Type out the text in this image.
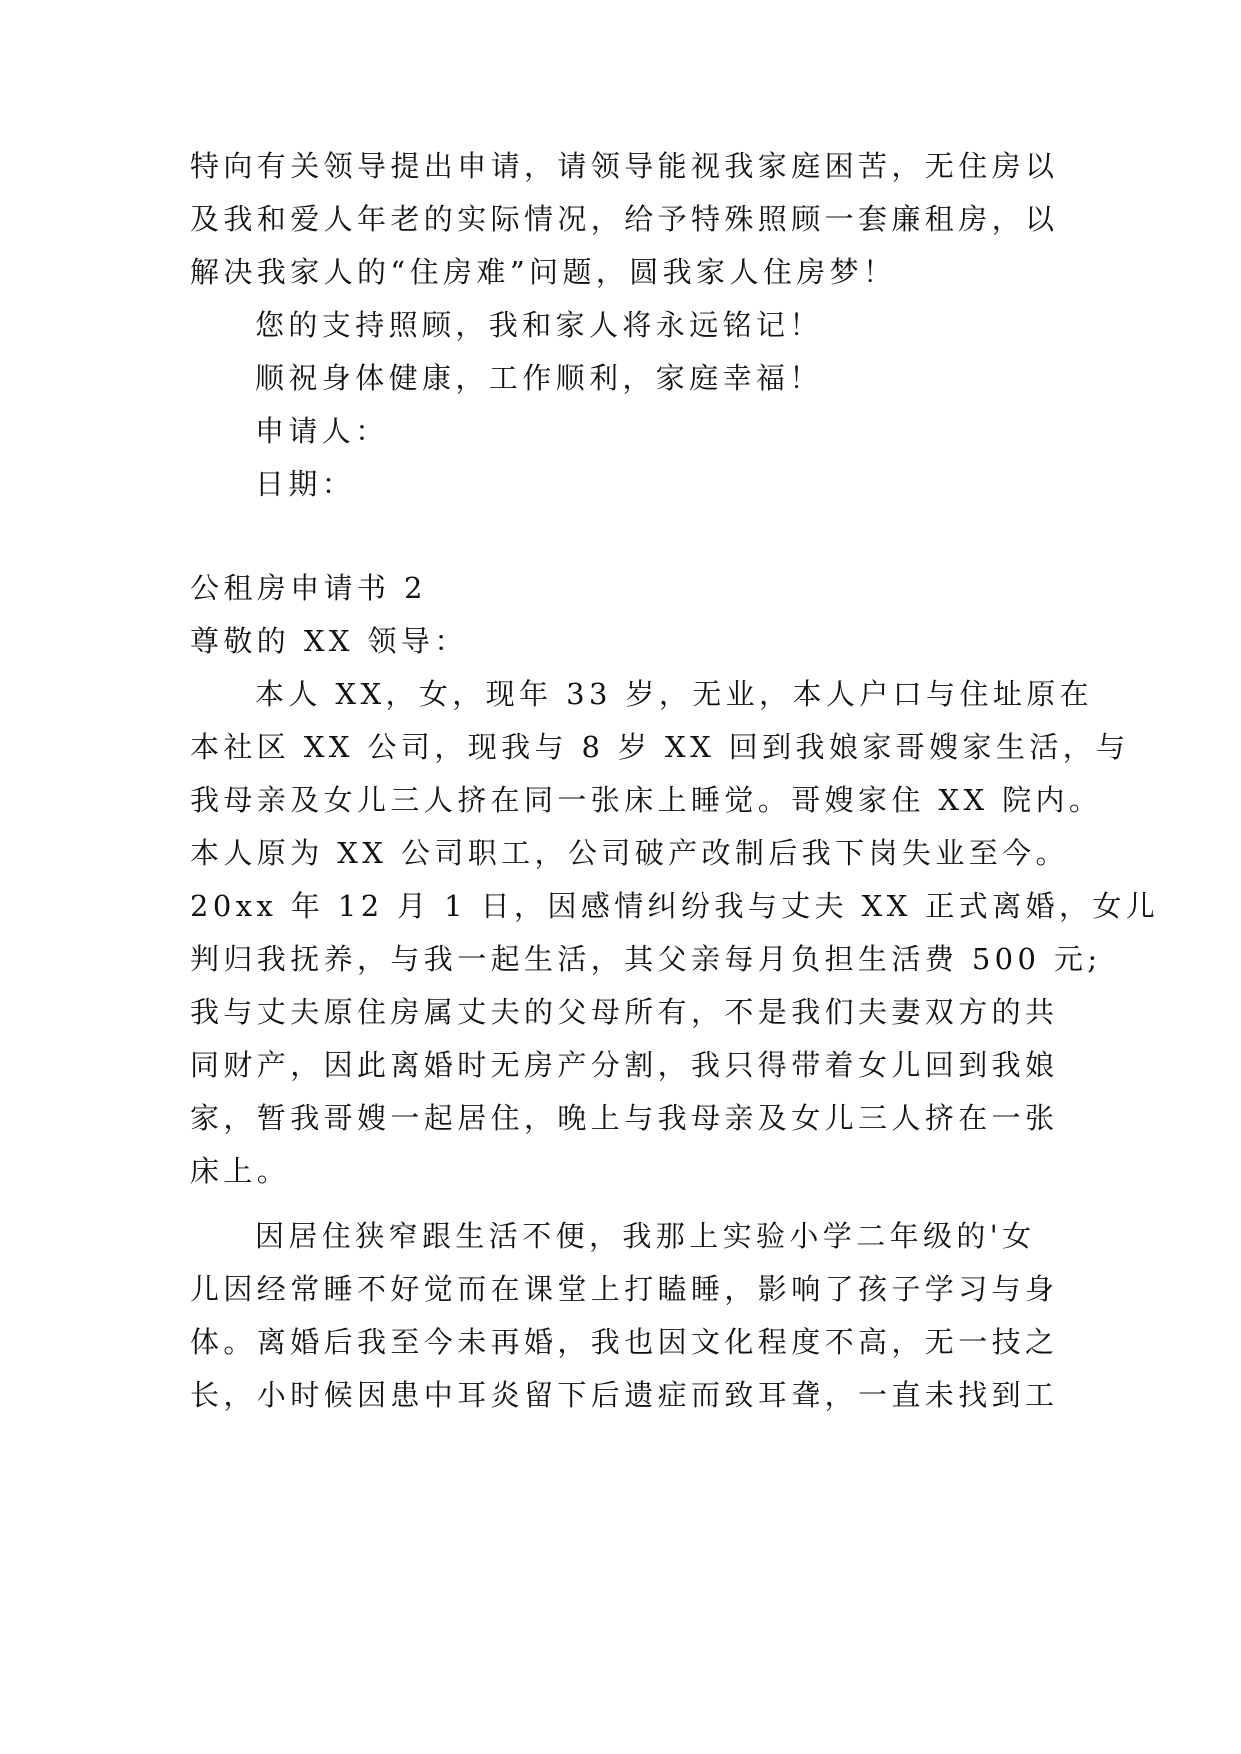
特向有关领导提出申请，请领导能视我家庭困苦，无住房以
及我和爱人年老的实际情况，给予特殊照顾一套廉租房，以
解决我家人的“住房难”问题，圆我家人住房梦！
您的支持照顾，我和家人将永远铭记！
顺祝身体健康，工作顺利，家庭幸福！
申请人：
日期：
公租房申请书 2
尊敬的 XX 领导：
本人 XX，女，现年 33 岁，无业，本人户口与住址原在
本社区 XX 公司，现我与 8 岁 XX 回到我娘家哥嫂家生活，与
我母亲及女儿三人挤在同一张床上睡觉。哥嫂家住 XX 院内。
本人原为 XX 公司职工，公司破产改制后我下岗失业至今。
20xx 年 12 月 1 日，因感情纠纷我与丈夫 XX 正式离婚，女儿
判归我抚养，与我一起生活，其父亲每月负担生活费 500 元;
我与丈夫原住房属丈夫的父母所有，不是我们夫妻双方的共
同财产，因此离婚时无房产分割，我只得带着女儿回到我娘
家，暂我哥嫂一起居住，晚上与我母亲及女儿三人挤在一张
床上。
因居住狭窄跟生活不便，我那上实验小学二年级的'女
儿因经常睡不好觉而在课堂上打瞌睡，影响了孩子学习与身
体。离婚后我至今未再婚，我也因文化程度不高，无一技之
长，小时候因患中耳炎留下后遗症而致耳聋，一直未找到工
